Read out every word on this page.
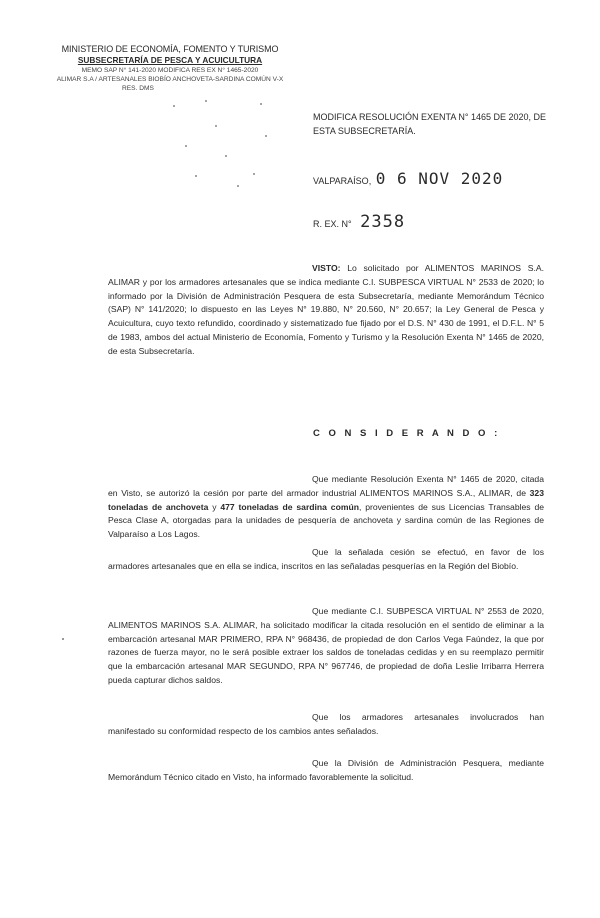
MINISTERIO DE ECONOMÍA, FOMENTO Y TURISMO
SUBSECRETARÍA DE PESCA Y ACUICULTURA
MEMO SAP N° 141-2020 MODIFICA RES EX N° 1465-2020
ALIMAR S.A / ARTESANALES BIOBÍO ANCHOVETA-SARDINA COMÚN V-X
RES. DMS
MODIFICA RESOLUCIÓN EXENTA N° 1465 DE 2020, DE ESTA SUBSECRETARÍA.
VALPARAÍSO, 0 6 NOV 2020
R. EX. N° 2358
VISTO: Lo solicitado por ALIMENTOS MARINOS S.A. ALIMAR y por los armadores artesanales que se indica mediante C.I. SUBPESCA VIRTUAL N° 2533 de 2020; lo informado por la División de Administración Pesquera de esta Subsecretaría, mediante Memorándum Técnico (SAP) N° 141/2020; lo dispuesto en las Leyes N° 19.880, N° 20.560, N° 20.657; la Ley General de Pesca y Acuicultura, cuyo texto refundido, coordinado y sistematizado fue fijado por el D.S. N° 430 de 1991, el D.F.L. N° 5 de 1983, ambos del actual Ministerio de Economía, Fomento y Turismo y la Resolución Exenta N° 1465 de 2020, de esta Subsecretaría.
C O N S I D E R A N D O :
Que mediante Resolución Exenta N° 1465 de 2020, citada en Visto, se autorizó la cesión por parte del armador industrial ALIMENTOS MARINOS S.A., ALIMAR, de 323 toneladas de anchoveta y 477 toneladas de sardina común, provenientes de sus Licencias Transables de Pesca Clase A, otorgadas para la unidades de pesquería de anchoveta y sardina común de las Regiones de Valparaíso a Los Lagos.
Que la señalada cesión se efectuó, en favor de los armadores artesanales que en ella se indica, inscritos en las señaladas pesquerías en la Región del Biobío.
Que mediante C.I. SUBPESCA VIRTUAL N° 2553 de 2020, ALIMENTOS MARINOS S.A. ALIMAR, ha solicitado modificar la citada resolución en el sentido de eliminar a la embarcación artesanal MAR PRIMERO, RPA N° 968436, de propiedad de don Carlos Vega Faúndez, la que por razones de fuerza mayor, no le será posible extraer los saldos de toneladas cedidas y en su reemplazo permitir que la embarcación artesanal MAR SEGUNDO, RPA N° 967746, de propiedad de doña Leslie Irribarra Herrera pueda capturar dichos saldos.
Que los armadores artesanales involucrados han manifestado su conformidad respecto de los cambios antes señalados.
Que la División de Administración Pesquera, mediante Memorándum Técnico citado en Visto, ha informado favorablemente la solicitud.
